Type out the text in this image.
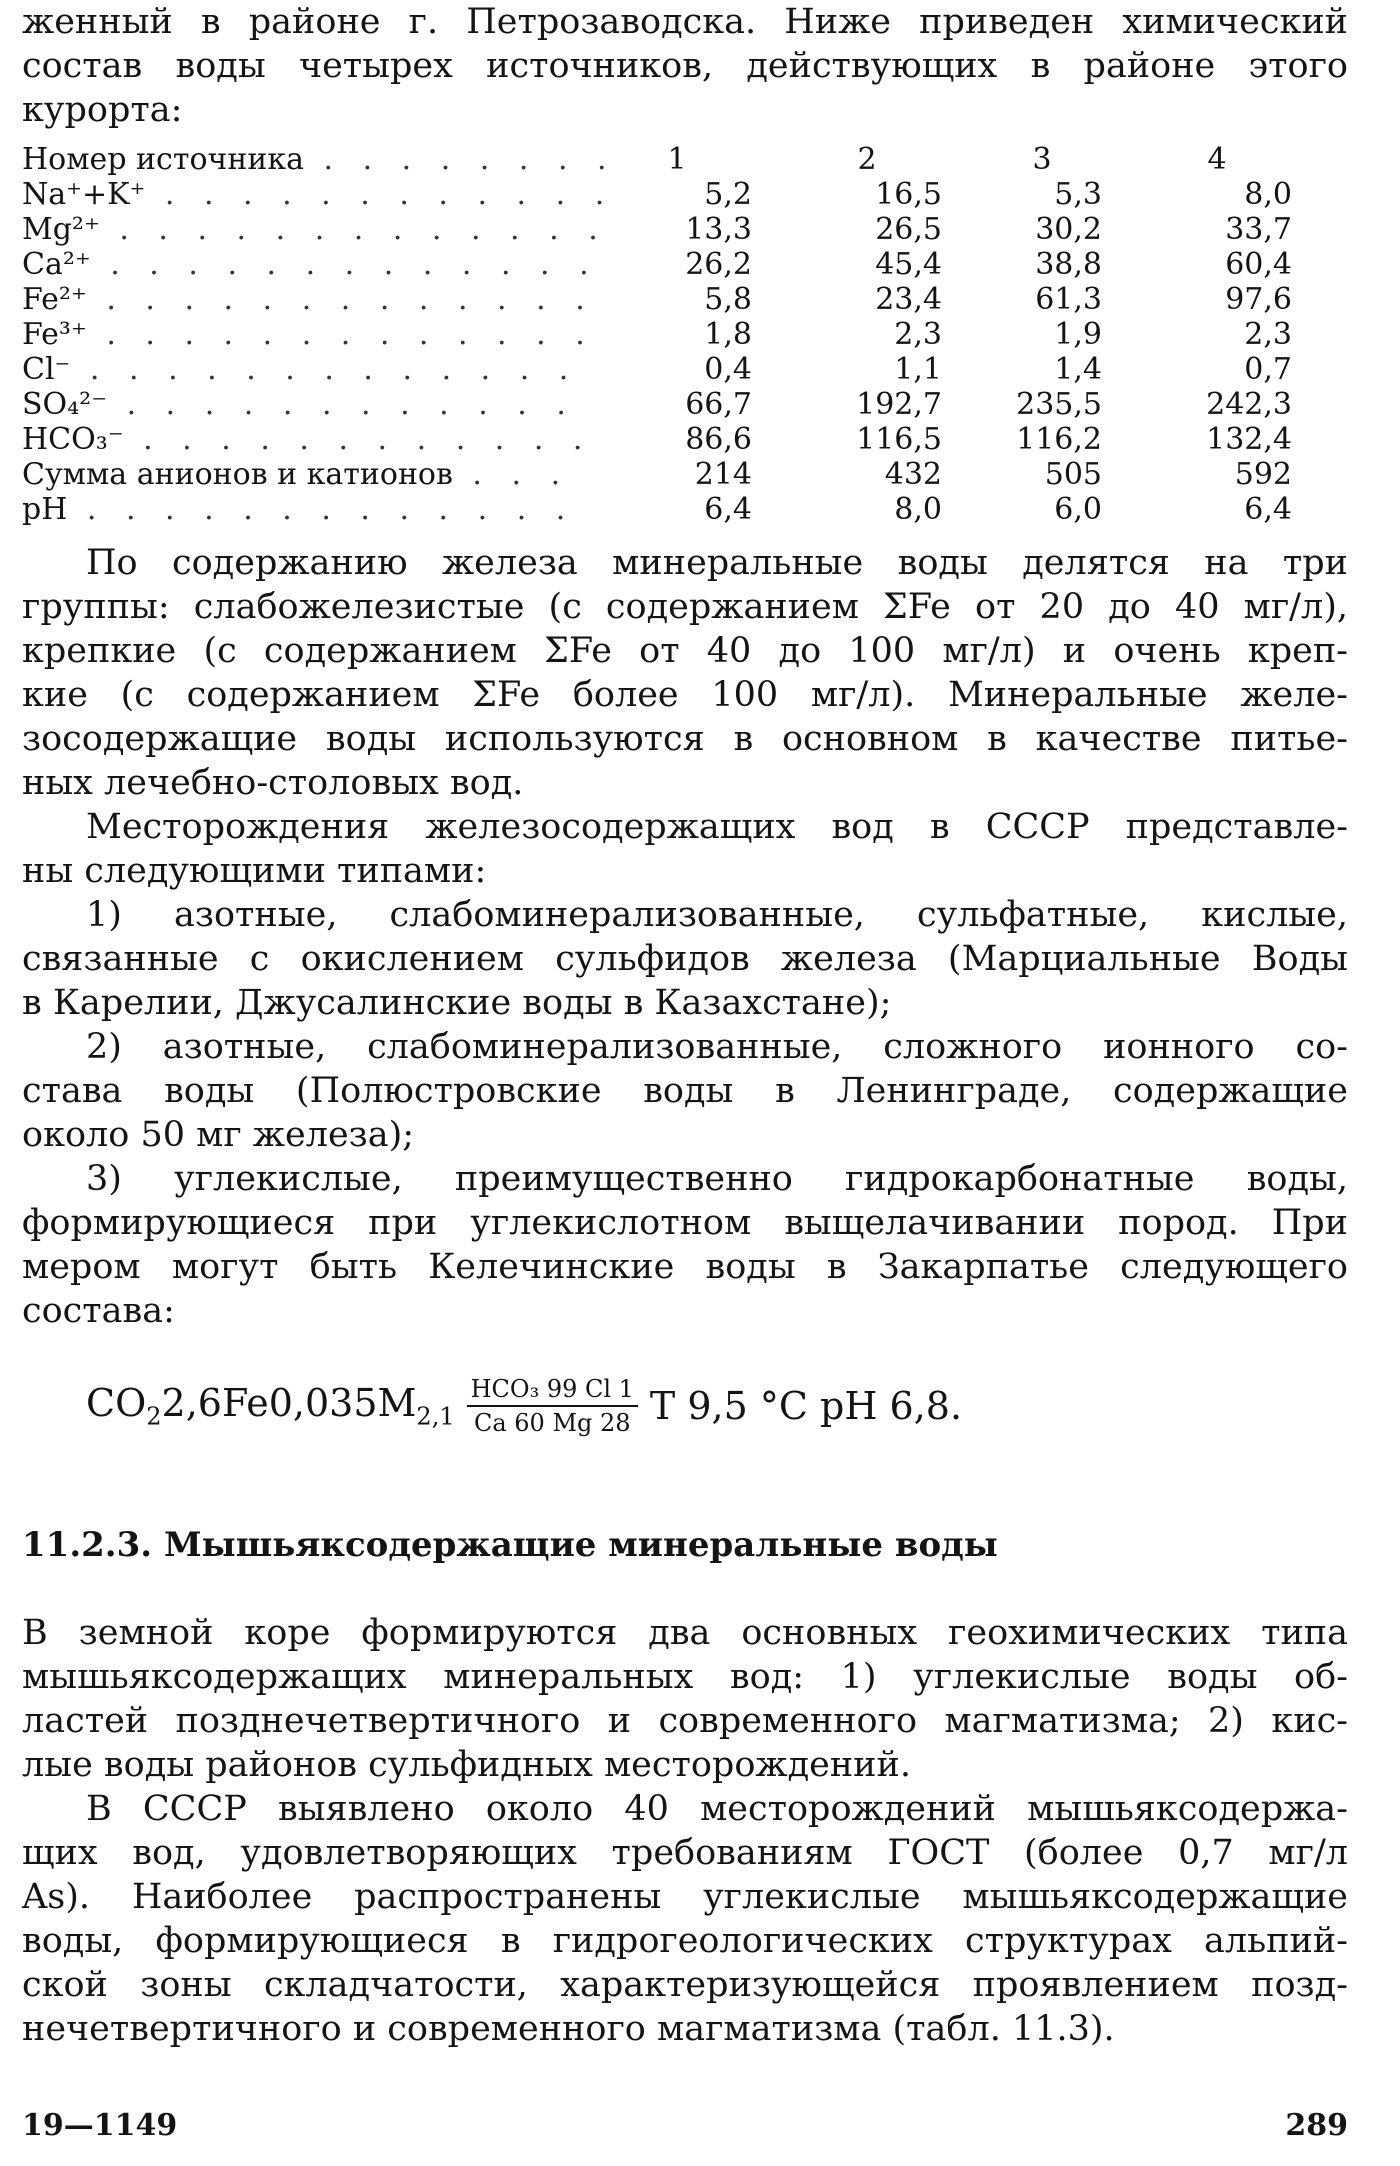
женный в районе г. Петрозаводска. Ниже приведен химический
состав воды четырех источников, действующих в районе этого
курорта:
Номер источника . . . . . . . .	1	2	3	4
Na⁺+K⁺ . . . . . . . . . . . .	5,2	16,5	5,3	8,0
Mg²⁺ . . . . . . . . . . . . .	13,3	26,5	30,2	33,7
Ca²⁺ . . . . . . . . . . . . .	26,2	45,4	38,8	60,4
Fe²⁺ . . . . . . . . . . . . .	5,8	23,4	61,3	97,6
Fe³⁺ . . . . . . . . . . . . .	1,8	2,3	1,9	2,3
Cl⁻ . . . . . . . . . . . . .	0,4	1,1	1,4	0,7
SO₄²⁻ . . . . . . . . . . . .	66,7	192,7	235,5	242,3
HCO₃⁻ . . . . . . . . . . . .	86,6	116,5	116,2	132,4
Сумма анионов и катионов . . .	214	432	505	592
pH . . . . . . . . . . . . .	6,4	8,0	6,0	6,4
По содержанию железа минеральные воды делятся на три
группы: слабожелезистые (с содержанием ΣFe от 20 до 40 мг/л),
крепкие (с содержанием ΣFe от 40 до 100 мг/л) и очень креп-
кие (с содержанием ΣFe более 100 мг/л). Минеральные желе-
зосодержащие воды используются в основном в качестве питье-
ных лечебно-столовых вод.
Месторождения железосодержащих вод в СССР представле-
ны следующими типами:
1) азотные, слабоминерализованные, сульфатные, кислые,
связанные с окислением сульфидов железа (Марциальные Воды
в Карелии, Джусалинские воды в Казахстане);
2) азотные, слабоминерализованные, сложного ионного со-
става воды (Полюстровские воды в Ленинграде, содержащие
около 50 мг железа);
3) углекислые, преимущественно гидрокарбонатные воды,
формирующиеся при углекислотном выщелачивании пород. При
мером могут быть Келечинские воды в Закарпатье следующего
состава:
$CO_22,6Fe0,035M_{2,1} \frac{\text{HCO₃ 99 Cl 1}}{Ca 60 Mg 28}$ T 9,5 °C pH 6,8.
11.2.3. Мышьяксодержащие минеральные воды
В земной коре формируются два основных геохимических типа
мышьяксодержащих минеральных вод: 1) углекислые воды об-
ластей позднечетвертичного и современного магматизма; 2) кис-
лые воды районов сульфидных месторождений.
В СССР выявлено около 40 месторождений мышьяксодержа-
щих вод, удовлетворяющих требованиям ГОСТ (более 0,7 мг/л
As). Наиболее распространены углекислые мышьяксодержащие
воды, формирующиеся в гидрогеологических структурах альпий-
ской зоны складчатости, характеризующейся проявлением позд-
нечетвертичного и современного магматизма (табл. 11.3).
19—1149	289
